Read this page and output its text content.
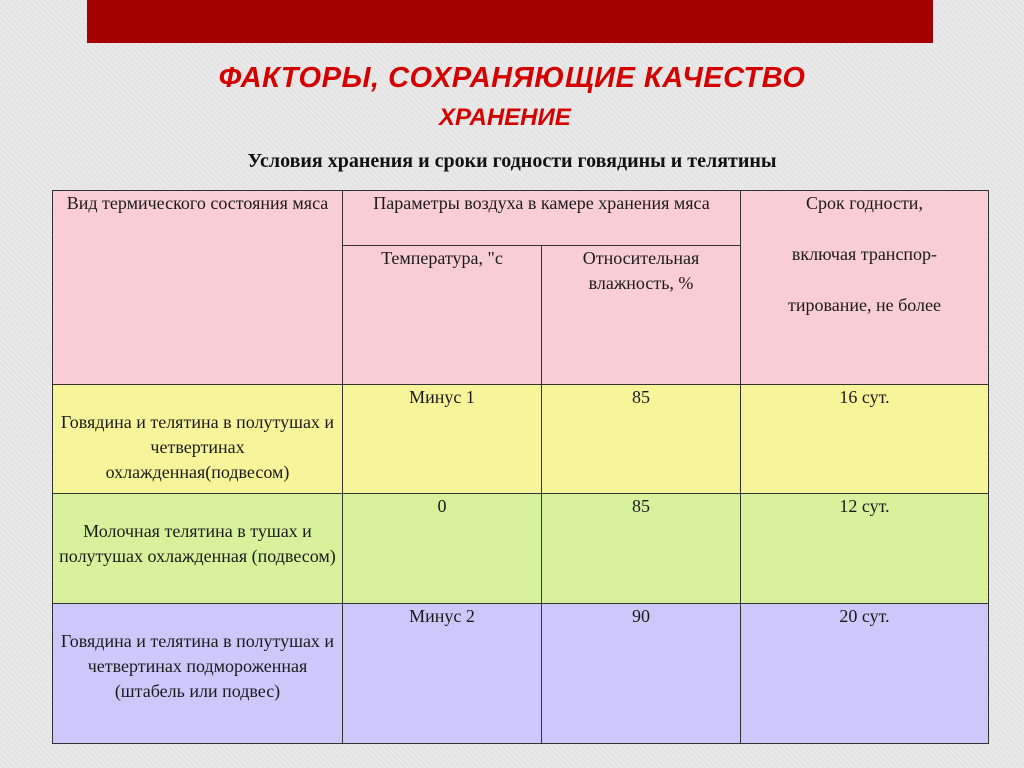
ФАКТОРЫ, СОХРАНЯЮЩИЕ КАЧЕСТВО
ХРАНЕНИЕ
Условия хранения и сроки годности говядины и телятины
Вид термического состояния мяса	Параметры воздуха в камере хранения мяса		Срок годности,
включая транспор-
тирование, не более

	Температура, "с	Относительная влажность, %	
Говядина и телятина в полутушах и четвертинах охлажденная(подвесом)	Минус 1	85	16 сут.
Молочная телятина в тушах и полутушах охлажденная (подвесом)	0	85	12 сут.
Говядина и телятина в полутушах и четвертинах подмороженная (штабель или подвес)	Минус 2	90	20 сут.
